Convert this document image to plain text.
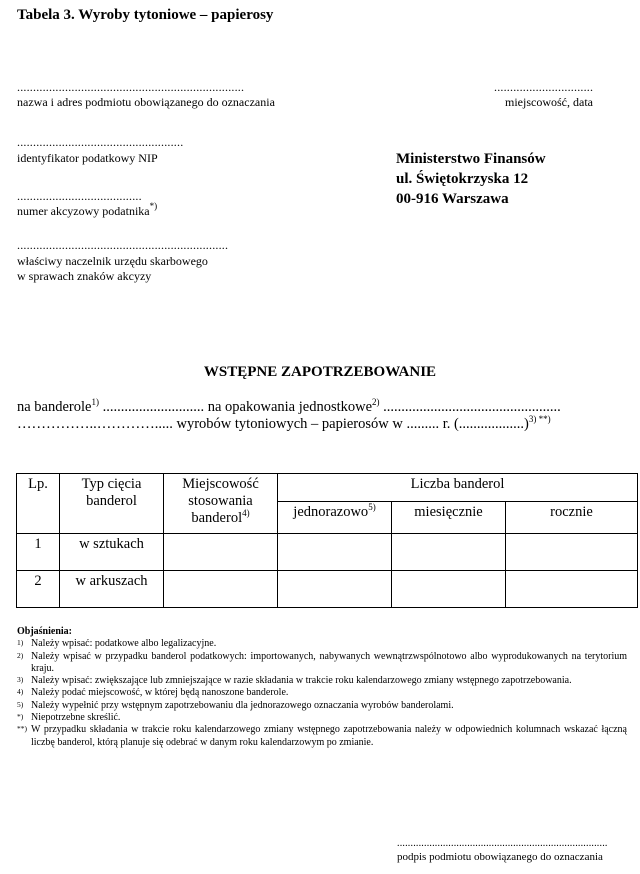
Tabela 3. Wyroby tytoniowe – papierosy
.......................................................................
nazwa i adres podmiotu obowiązanego do oznaczania
...............................
miejscowość, data
....................................................
identyfikator podatkowy NIP
.......................................
numer akcyzowy podatnika*)
..................................................................
właściwy naczelnik urzędu skarbowego
w sprawach znaków akcyzy
Ministerstwo Finansów
ul. Świętokrzyska 12
00-916 Warszawa
WSTĘPNE ZAPOTRZEBOWANIE
na banderole$^{1)}$ ............................ na opakowania jednostkowe$^{2)}$ .................................................
……………..…………..... wyrobów tytoniowych – papierosów w ......... r. (..................)$^{3) **)}$
Lp.	Typ cięcia banderol	Miejscowość stosowania banderol$^{4)}$	Liczba banderol		
			jednorazowo$^{5)}$	miesięcznie	rocznie
1	w sztukach				
2	w arkuszach				
Objaśnienia:
1) Należy wpisać: podatkowe albo legalizacyjne.

2) Należy wpisać w przypadku banderol podatkowych: importowanych, nabywanych wewnątrzwspólnotowo albo wyprodukowanych na terytorium kraju.

3) Należy wpisać: zwiększające lub zmniejszające w razie składania w trakcie roku kalendarzowego zmiany wstępnego zapotrzebowania.

4) Należy podać miejscowość, w której będą nanoszone banderole.

5) Należy wypełnić przy wstępnym zapotrzebowaniu dla jednorazowego oznaczania wyrobów banderolami.

*) Niepotrzebne skreślić.

**) W przypadku składania w trakcie roku kalendarzowego zmiany wstępnego zapotrzebowania należy w odpowiednich kolumnach wskazać łączną liczbę banderol, którą planuje się odebrać w danym roku kalendarzowym po zmianie.

..............................................................................
podpis podmiotu obowiązanego do oznaczania
